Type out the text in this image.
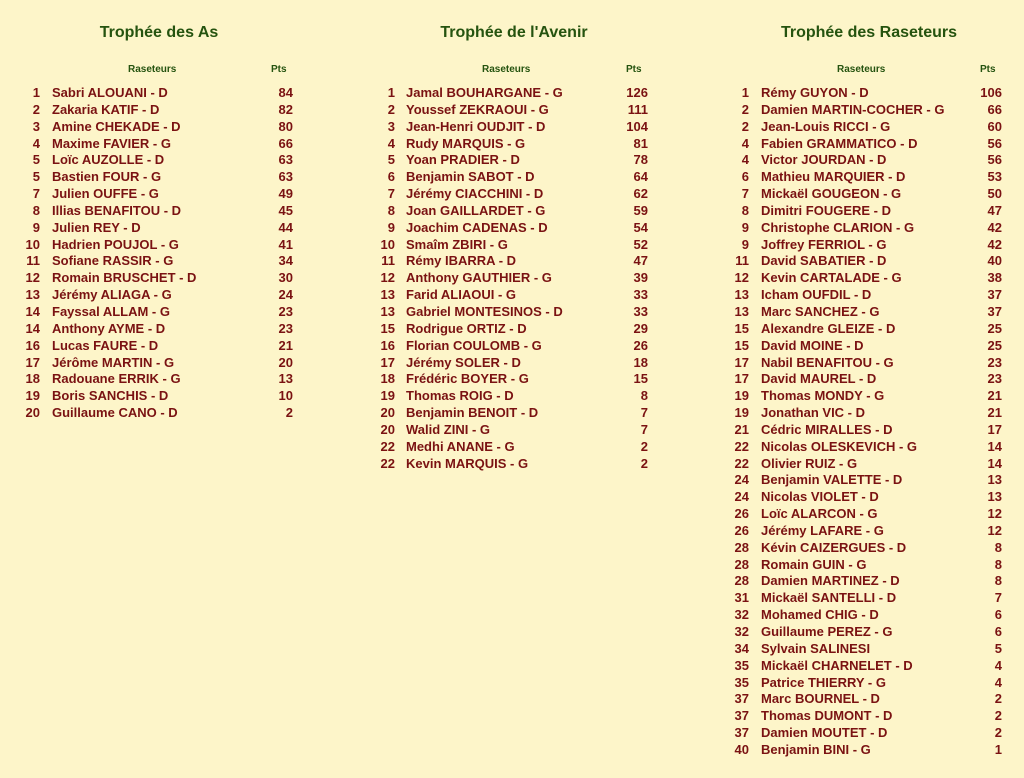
Trophée des As
Raseteurs	Pts
1 Sabri ALOUANI - D	84
2 Zakaria KATIF - D	82
3 Amine CHEKADE - D	80
4 Maxime FAVIER - G	66
5 Loïc AUZOLLE - D	63
5 Bastien FOUR - G	63
7 Julien OUFFE - G	49
8 Illias BENAFITOU - D	45
9 Julien REY - D	44
10 Hadrien POUJOL - G	41
11 Sofiane RASSIR - G	34
12 Romain BRUSCHET - D	30
13 Jérémy ALIAGA - G	24
14 Fayssal ALLAM - G	23
14 Anthony AYME - D	23
16 Lucas FAURE - D	21
17 Jérôme MARTIN - G	20
18 Radouane ERRIK - G	13
19 Boris SANCHIS - D	10
20 Guillaume CANO - D	2
Trophée de l'Avenir
Raseteurs	Pts
1 Jamal BOUHARGANE - G	126
2 Youssef ZEKRAOUI - G	111
3 Jean-Henri OUDJIT - D	104
4 Rudy MARQUIS - G	81
5 Yoan PRADIER - D	78
6 Benjamin SABOT - D	64
7 Jérémy CIACCHINI - D	62
8 Joan GAILLARDET - G	59
9 Joachim CADENAS - D	54
10 Smaîm ZBIRI - G	52
11 Rémy IBARRA - D	47
12 Anthony GAUTHIER - G	39
13 Farid ALIAOUI - G	33
13 Gabriel MONTESINOS - D	33
15 Rodrigue ORTIZ - D	29
16 Florian COULOMB - G	26
17 Jérémy SOLER - D	18
18 Frédéric BOYER - G	15
19 Thomas ROIG - D	8
20 Benjamin BENOIT - D	7
20 Walid ZINI - G	7
22 Medhi ANANE - G	2
22 Kevin MARQUIS - G	2
Trophée des Raseteurs
Raseteurs	Pts
1 Rémy GUYON - D	106
2 Damien MARTIN-COCHER - G	66
2 Jean-Louis RICCI - G	60
4 Fabien GRAMMATICO - D	56
4 Victor JOURDAN - D	56
6 Mathieu MARQUIER - D	53
7 Mickaël GOUGEON - G	50
8 Dimitri FOUGERE - D	47
9 Christophe CLARION - G	42
9 Joffrey FERRIOL - G	42
11 David SABATIER - D	40
12 Kevin CARTALADE - G	38
13 Icham OUFDIL - D	37
13 Marc SANCHEZ - G	37
15 Alexandre GLEIZE - D	25
15 David MOINE - D	25
17 Nabil BENAFITOU - G	23
17 David MAUREL - D	23
19 Thomas MONDY - G	21
19 Jonathan VIC - D	21
21 Cédric MIRALLES - D	17
22 Nicolas OLESKEVICH - G	14
22 Olivier RUIZ - G	14
24 Benjamin VALETTE - D	13
24 Nicolas VIOLET - D	13
26 Loïc ALARCON - G	12
26 Jérémy LAFARE - G	12
28 Kévin CAIZERGUES - D	8
28 Romain GUIN - G	8
28 Damien MARTINEZ - D	8
31 Mickaël SANTELLI - D	7
32 Mohamed CHIG - D	6
32 Guillaume PEREZ - G	6
34 Sylvain SALINESI	5
35 Mickaël CHARNELET - D	4
35 Patrice THIERRY - G	4
37 Marc BOURNEL - D	2
37 Thomas DUMONT - D	2
37 Damien MOUTET - D	2
40 Benjamin BINI - G	1
